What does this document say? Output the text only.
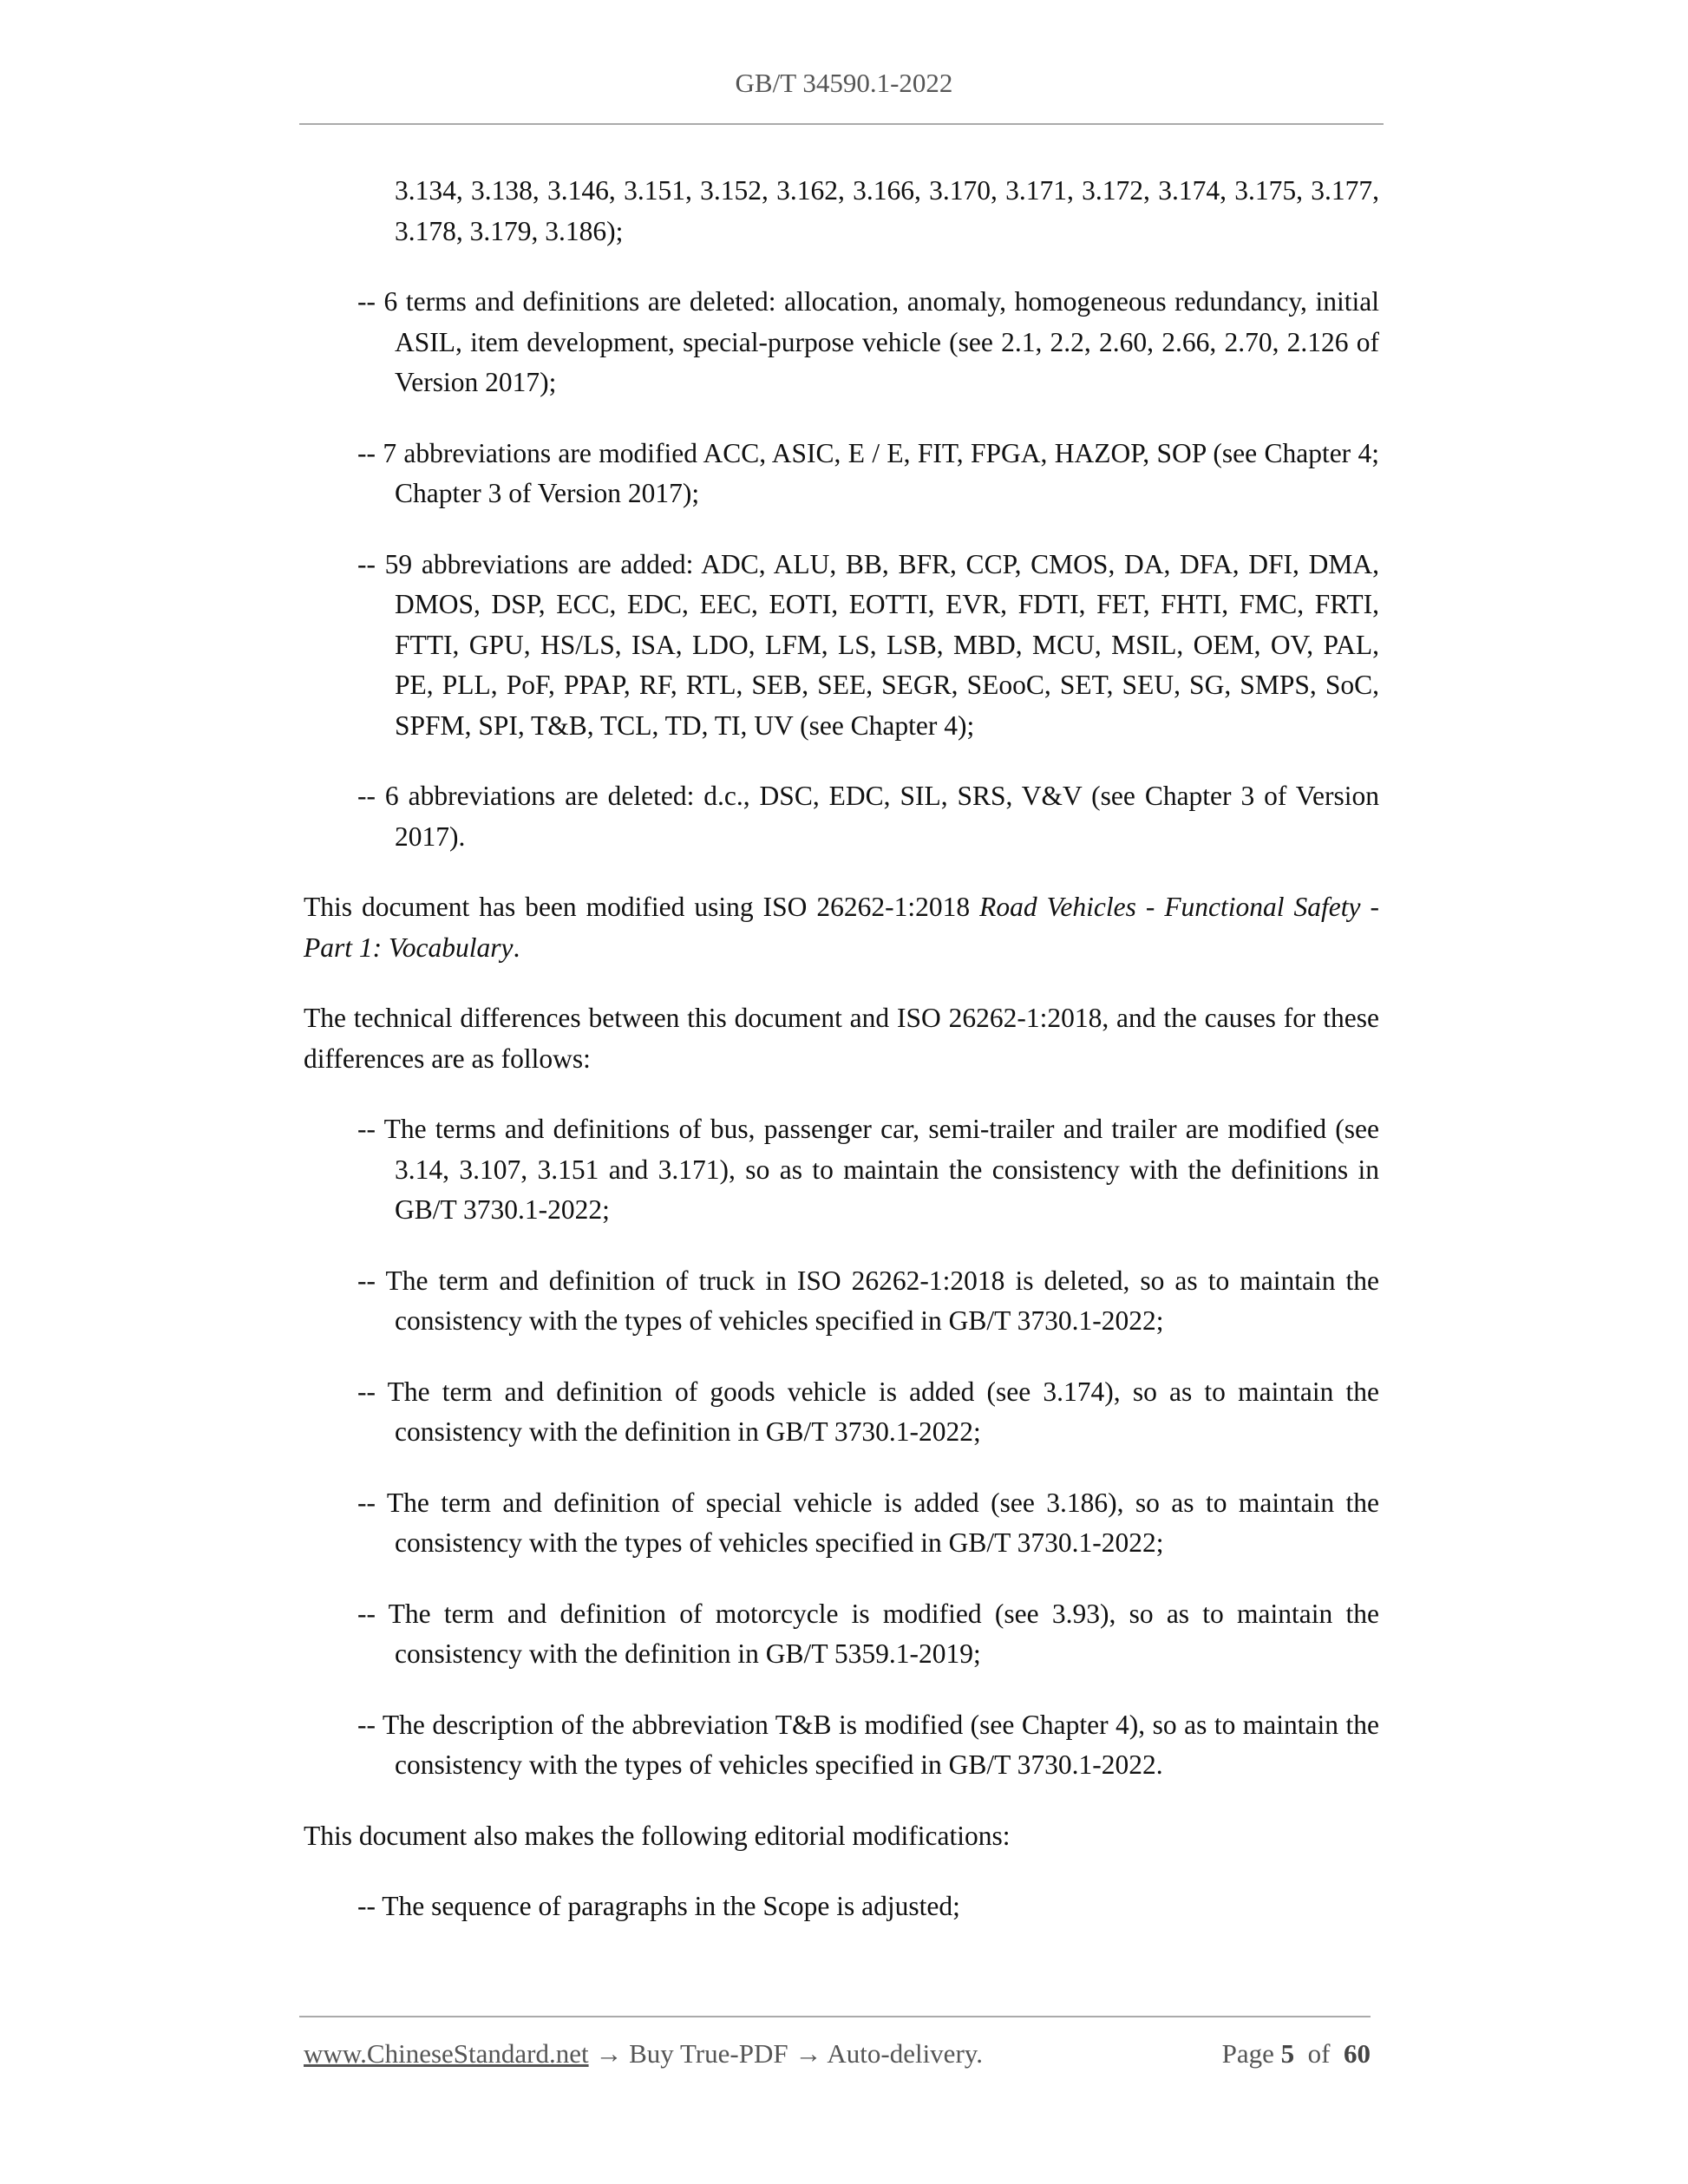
GB/T 34590.1-2022

3.134, 3.138, 3.146, 3.151, 3.152, 3.162, 3.166, 3.170, 3.171, 3.172, 3.174, 3.175, 3.177, 3.178, 3.179, 3.186);

-- 6 terms and definitions are deleted: allocation, anomaly, homogeneous redundancy, initial ASIL, item development, special-purpose vehicle (see 2.1, 2.2, 2.60, 2.66, 2.70, 2.126 of Version 2017);

-- 7 abbreviations are modified ACC, ASIC, E / E, FIT, FPGA, HAZOP, SOP (see Chapter 4; Chapter 3 of Version 2017);

-- 59 abbreviations are added: ADC, ALU, BB, BFR, CCP, CMOS, DA, DFA, DFI, DMA, DMOS, DSP, ECC, EDC, EEC, EOTI, EOTTI, EVR, FDTI, FET, FHTI, FMC, FRTI, FTTI, GPU, HS/LS, ISA, LDO, LFM, LS, LSB, MBD, MCU, MSIL, OEM, OV, PAL, PE, PLL, PoF, PPAP, RF, RTL, SEB, SEE, SEGR, SEooC, SET, SEU, SG, SMPS, SoC, SPFM, SPI, T&B, TCL, TD, TI, UV (see Chapter 4);

-- 6 abbreviations are deleted: d.c., DSC, EDC, SIL, SRS, V&V (see Chapter 3 of Version 2017).

This document has been modified using ISO 26262-1:2018 Road Vehicles - Functional Safety - Part 1: Vocabulary.

The technical differences between this document and ISO 26262-1:2018, and the causes for these differences are as follows:

-- The terms and definitions of bus, passenger car, semi-trailer and trailer are modified (see 3.14, 3.107, 3.151 and 3.171), so as to maintain the consistency with the definitions in GB/T 3730.1-2022;

-- The term and definition of truck in ISO 26262-1:2018 is deleted, so as to maintain the consistency with the types of vehicles specified in GB/T 3730.1-2022;

-- The term and definition of goods vehicle is added (see 3.174), so as to maintain the consistency with the definition in GB/T 3730.1-2022;

-- The term and definition of special vehicle is added (see 3.186), so as to maintain the consistency with the types of vehicles specified in GB/T 3730.1-2022;

-- The term and definition of motorcycle is modified (see 3.93), so as to maintain the consistency with the definition in GB/T 5359.1-2019;

-- The description of the abbreviation T&B is modified (see Chapter 4), so as to maintain the consistency with the types of vehicles specified in GB/T 3730.1-2022.

This document also makes the following editorial modifications:

-- The sequence of paragraphs in the Scope is adjusted;

www.ChineseStandard.net → Buy True-PDF → Auto-delivery.	Page 5 of 60
